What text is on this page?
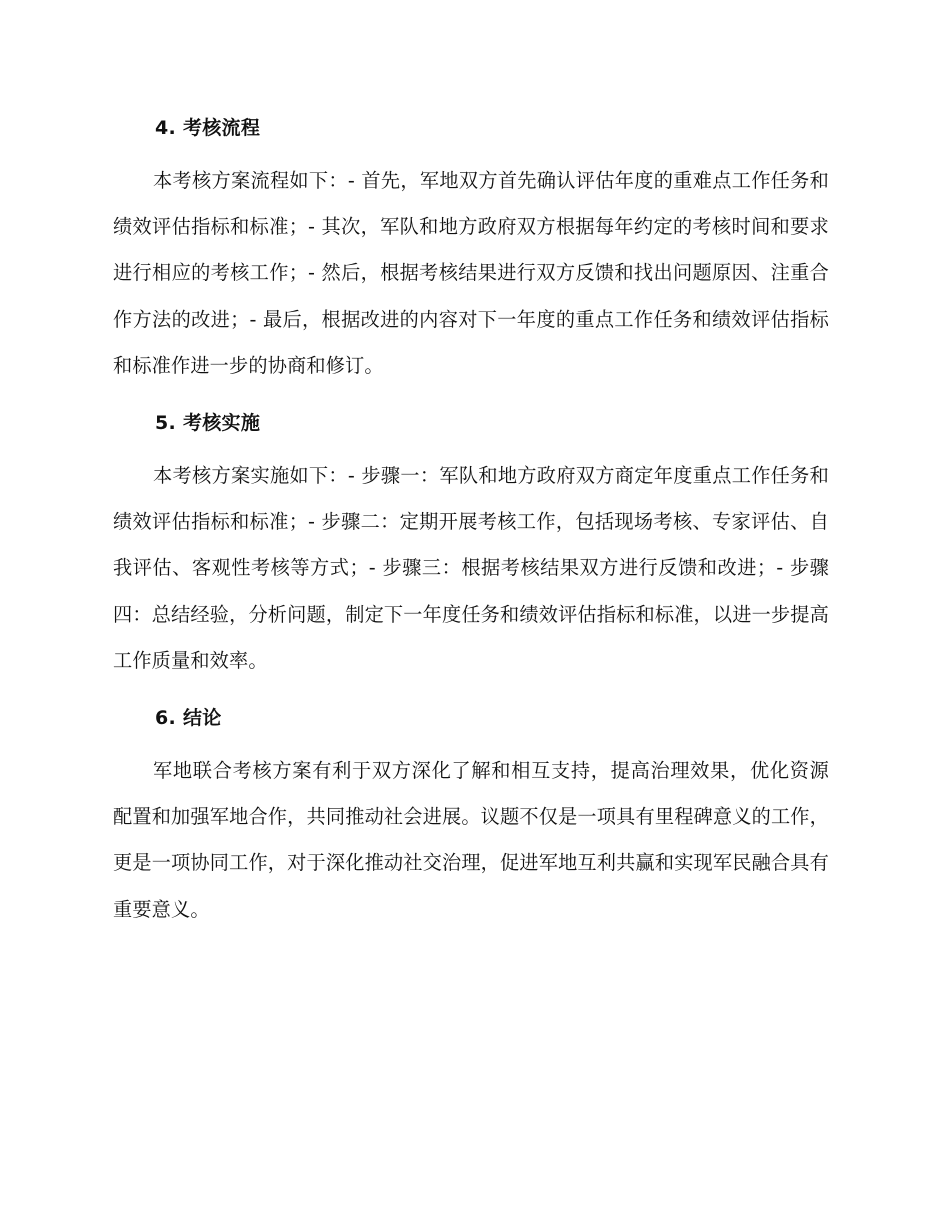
4. 考核流程

本考核方案流程如下：- 首先，军地双方首先确认评估年度的重难点工作任务和绩效评估指标和标准；- 其次，军队和地方政府双方根据每年约定的考核时间和要求进行相应的考核工作；- 然后，根据考核结果进行双方反馈和找出问题原因、注重合作方法的改进；- 最后，根据改进的内容对下一年度的重点工作任务和绩效评估指标和标准作进一步的协商和修订。

5. 考核实施

本考核方案实施如下：- 步骤一：军队和地方政府双方商定年度重点工作任务和绩效评估指标和标准；- 步骤二：定期开展考核工作，包括现场考核、专家评估、自我评估、客观性考核等方式；- 步骤三：根据考核结果双方进行反馈和改进；- 步骤四：总结经验，分析问题，制定下一年度任务和绩效评估指标和标准，以进一步提高工作质量和效率。

6. 结论

军地联合考核方案有利于双方深化了解和相互支持，提高治理效果，优化资源配置和加强军地合作，共同推动社会进展。议题不仅是一项具有里程碑意义的工作，更是一项协同工作，对于深化推动社交治理，促进军地互利共赢和实现军民融合具有重要意义。
